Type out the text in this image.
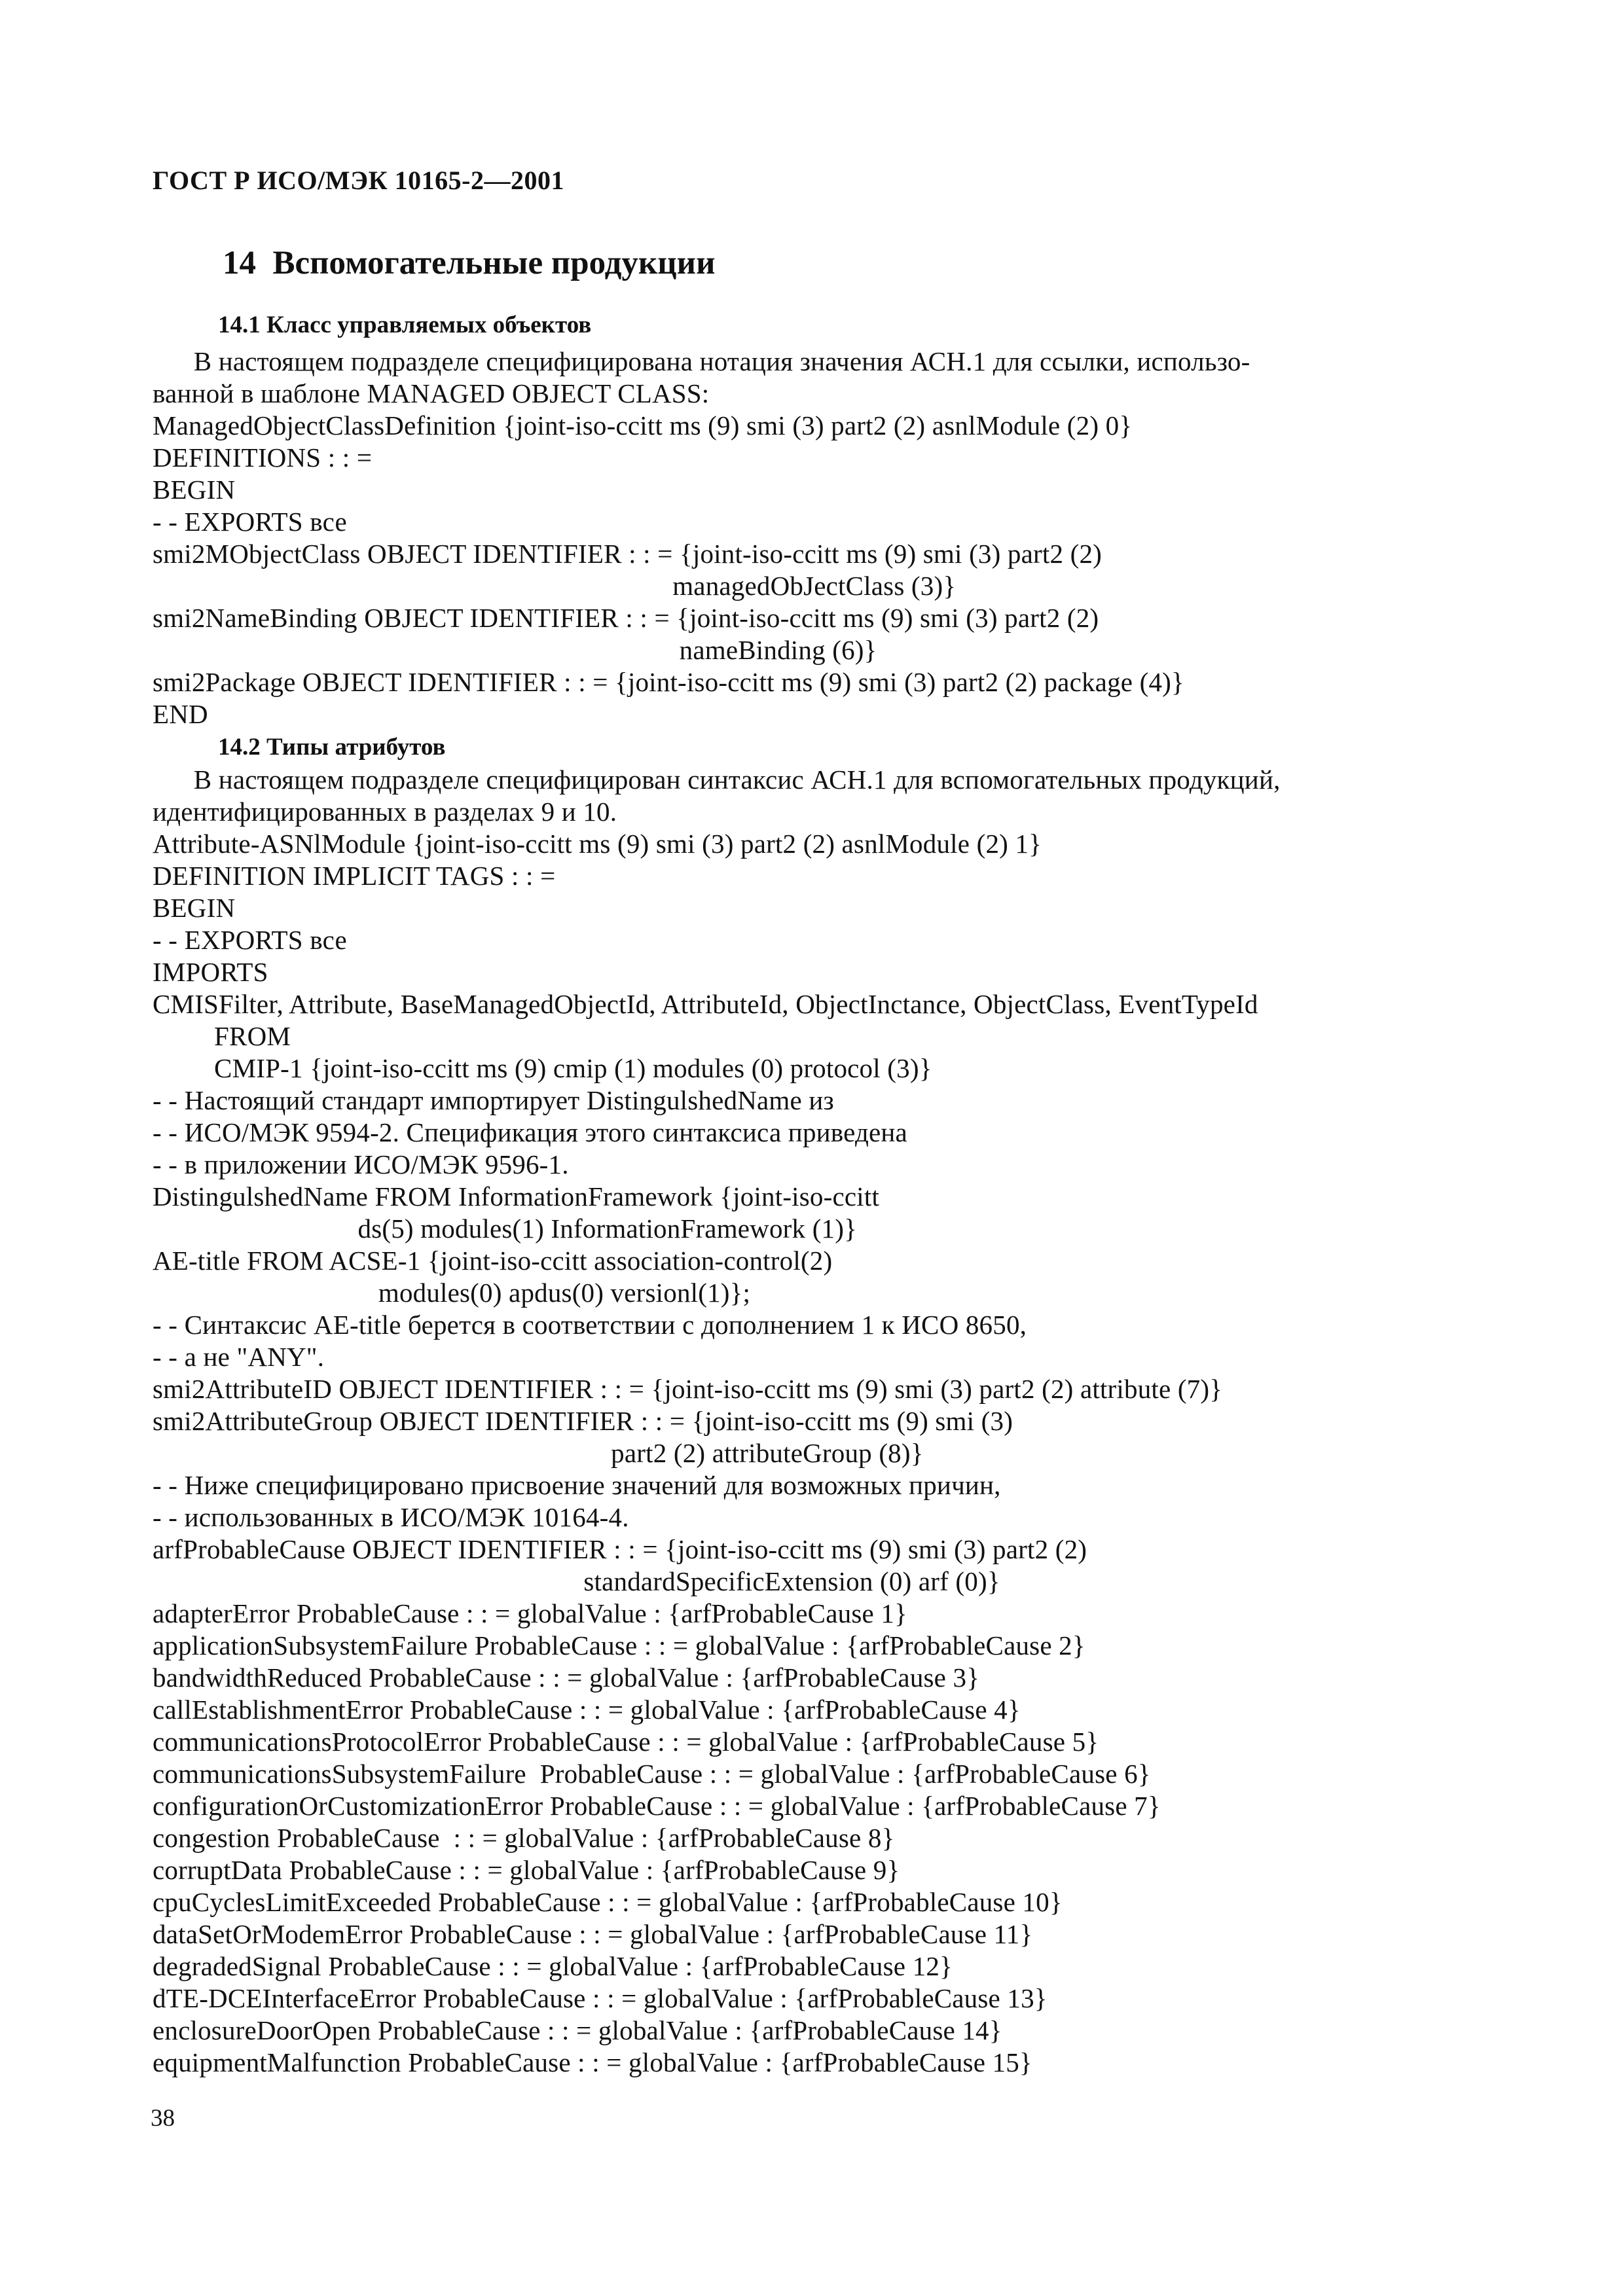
ГОСТ Р ИСО/МЭК 10165-2—2001
14  Вспомогательные продукции
14.1 Класс управляемых объектов
В настоящем подразделе специфицирована нотация значения АСН.1 для ссылки, использо-
ванной в шаблоне MANAGED OBJECT CLASS:
ManagedObjectClassDefinition {joint-iso-ccitt ms (9) smi (3) part2 (2) asnlModule (2) 0}
DEFINITIONS : : =
BEGIN
- - EXPORTS все
smi2MObjectClass OBJECT IDENTIFIER : : = {joint-iso-ccitt ms (9) smi (3) part2 (2)
managedObJectClass (3)}
smi2NameBinding OBJECT IDENTIFIER : : = {joint-iso-ccitt ms (9) smi (3) part2 (2)
nameBinding (6)}
smi2Package OBJECT IDENTIFIER : : = {joint-iso-ccitt ms (9) smi (3) part2 (2) package (4)}
END
14.2 Типы атрибутов
В настоящем подразделе специфицирован синтаксис АСН.1 для вспомогательных продукций,
идентифицированных в разделах 9 и 10.
Attribute-ASNlModule {joint-iso-ccitt ms (9) smi (3) part2 (2) asnlModule (2) 1}
DEFINITION IMPLICIT TAGS : : =
BEGIN
- - EXPORTS все
IMPORTS
CMISFilter, Attribute, BaseManagedObjectId, AttributeId, ObjectInctance, ObjectClass, EventTypeId
FROM
CMIP-1 {joint-iso-ccitt ms (9) cmip (1) modules (0) protocol (3)}
- - Настоящий стандарт импортирует DistingulshedName из
- - ИСО/МЭК 9594-2. Спецификация этого синтаксиса приведена
- - в приложении ИСО/МЭК 9596-1.
DistingulshedName FROM InformationFramework {joint-iso-ccitt
ds(5) modules(1) InformationFramework (1)}
AE-title FROM ACSE-1 {joint-iso-ccitt association-control(2)
modules(0) apdus(0) versionl(1)};
- - Синтаксис AE-title берется в соответствии с дополнением 1 к ИСО 8650,
- - а не "ANY".
smi2AttributeID OBJECT IDENTIFIER : : = {joint-iso-ccitt ms (9) smi (3) part2 (2) attribute (7)}
smi2AttributeGroup OBJECT IDENTIFIER : : = {joint-iso-ccitt ms (9) smi (3)
part2 (2) attributeGroup (8)}
- - Ниже специфицировано присвоение значений для возможных причин,
- - использованных в ИСО/МЭК 10164-4.
arfProbableCause OBJECT IDENTIFIER : : = {joint-iso-ccitt ms (9) smi (3) part2 (2)
standardSpecificExtension (0) arf (0)}
adapterError ProbableCause : : = globalValue : {arfProbableCause 1}
applicationSubsystemFailure ProbableCause : : = globalValue : {arfProbableCause 2}
bandwidthReduced ProbableCause : : = globalValue : {arfProbableCause 3}
callEstablishmentError ProbableCause : : = globalValue : {arfProbableCause 4}
communicationsProtocolError ProbableCause : : = globalValue : {arfProbableCause 5}
communicationsSubsystemFailure  ProbableCause : : = globalValue : {arfProbableCause 6}
configurationOrCustomizationError ProbableCause : : = globalValue : {arfProbableCause 7}
congestion ProbableCause  : : = globalValue : {arfProbableCause 8}
corruptData ProbableCause : : = globalValue : {arfProbableCause 9}
cpuCyclesLimitExceeded ProbableCause : : = globalValue : {arfProbableCause 10}
dataSetOrModemError ProbableCause : : = globalValue : {arfProbableCause 11}
degradedSignal ProbableCause : : = globalValue : {arfProbableCause 12}
dTE-DCEInterfaceError ProbableCause : : = globalValue : {arfProbableCause 13}
enclosureDoorOpen ProbableCause : : = globalValue : {arfProbableCause 14}
equipmentMalfunction ProbableCause : : = globalValue : {arfProbableCause 15}
38
